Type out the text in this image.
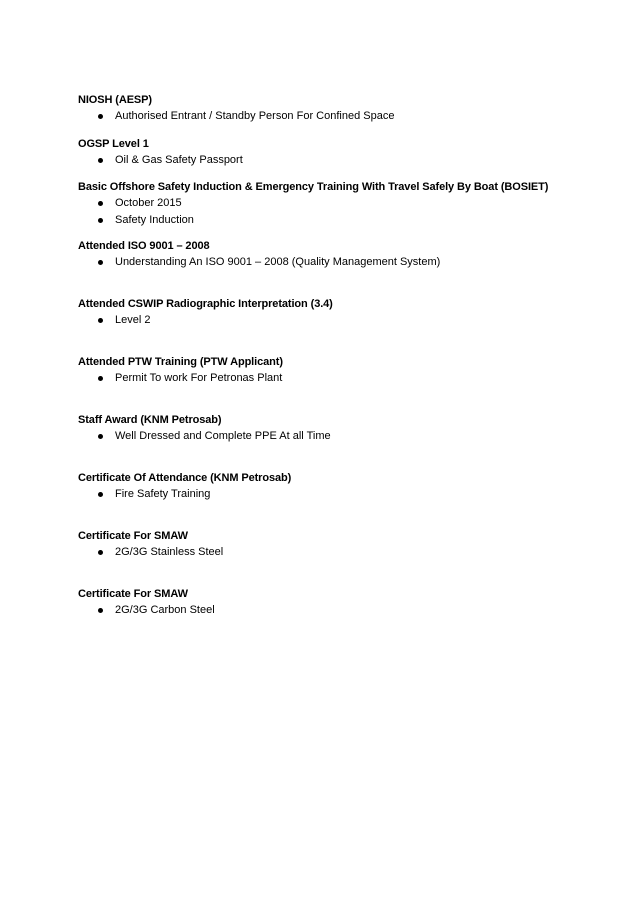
NIOSH (AESP)
Authorised Entrant / Standby Person For Confined Space
OGSP Level 1
Oil & Gas Safety Passport
Basic Offshore Safety Induction & Emergency Training With Travel Safely By Boat (BOSIET)
October 2015
Safety Induction
Attended ISO 9001 – 2008
Understanding An ISO 9001 – 2008 (Quality Management System)
Attended CSWIP Radiographic Interpretation (3.4)
Level 2
Attended PTW Training (PTW Applicant)
Permit To work For Petronas Plant
Staff Award (KNM Petrosab)
Well Dressed and Complete PPE At all Time
Certificate Of Attendance (KNM Petrosab)
Fire Safety Training
Certificate For SMAW
2G/3G Stainless Steel
Certificate For SMAW
2G/3G Carbon Steel
